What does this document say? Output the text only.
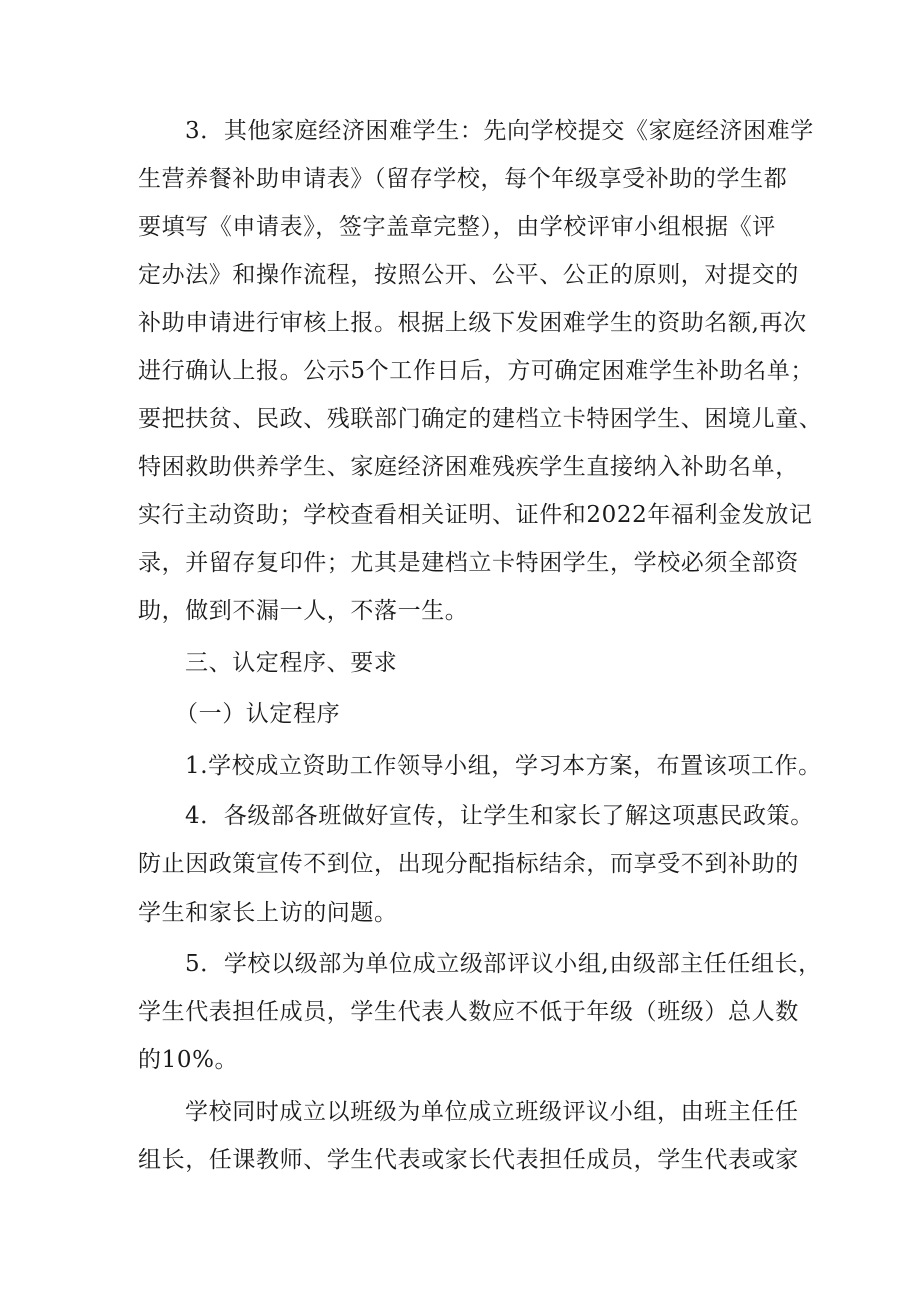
3．其他家庭经济困难学生：先向学校提交《家庭经济困难学
生营养餐补助申请表》（留存学校，每个年级享受补助的学生都
要填写《申请表》，签字盖章完整），由学校评审小组根据《评
定办法》和操作流程，按照公开、公平、公正的原则，对提交的
补助申请进行审核上报。根据上级下发困难学生的资助名额,再次
进行确认上报。公示5个工作日后，方可确定困难学生补助名单；
要把扶贫、民政、残联部门确定的建档立卡特困学生、困境儿童、
特困救助供养学生、家庭经济困难残疾学生直接纳入补助名单，
实行主动资助；学校查看相关证明、证件和2022年福利金发放记
录，并留存复印件；尤其是建档立卡特困学生，学校必须全部资
助，做到不漏一人，不落一生。
三、认定程序、要求
（一）认定程序
1.学校成立资助工作领导小组，学习本方案，布置该项工作。
4．各级部各班做好宣传，让学生和家长了解这项惠民政策。
防止因政策宣传不到位，出现分配指标结余，而享受不到补助的
学生和家长上访的问题。
5．学校以级部为单位成立级部评议小组,由级部主任任组长，
学生代表担任成员，学生代表人数应不低于年级（班级）总人数
的10%。
学校同时成立以班级为单位成立班级评议小组，由班主任任
组长，任课教师、学生代表或家长代表担任成员，学生代表或家
